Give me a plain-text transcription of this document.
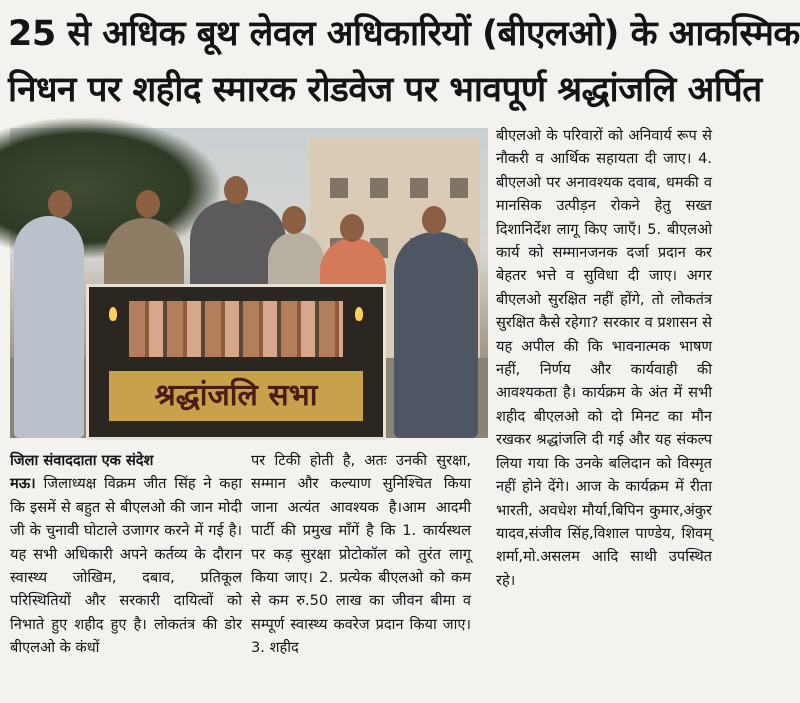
25 से अधिक बूथ लेवल अधिकारियों (बीएलओ) के आकस्मिक
निधन पर शहीद स्मारक रोडवेज पर भावपूर्ण श्रद्धांजलि अर्पित
श्रद्धांजलि सभा

जिला संवाददाता एक संदेश
मऊ। जिलाध्यक्ष विक्रम जीत सिंह ने कहा कि इसमें से बहुत से बीएलओ की जान मोदी जी के चुनावी घोटाले उजागर करने में गई है। यह सभी अधिकारी अपने कर्तव्य के दौरान स्वास्थ्य जोखिम, दबाव, प्रतिकूल परिस्थितियों और सरकारी दायित्वों को निभाते हुए शहीद हुए है। लोकतंत्र की डोर बीएलओ के कंधों

पर टिकी होती है, अतः उनकी सुरक्षा, सम्मान और कल्याण सुनिश्चित किया जाना अत्यंत आवश्यक है।आम आदमी पार्टी की प्रमुख माँगें है कि 1. कार्यस्थल पर कड़ सुरक्षा प्रोटोकॉल को तुरंत लागू किया जाए। 2. प्रत्येक बीएलओ को कम से कम रु.50 लाख का जीवन बीमा व सम्पूर्ण स्वास्थ्य कवरेज प्रदान किया जाए। 3. शहीद

बीएलओ के परिवारों को अनिवार्य रूप से नौकरी व आर्थिक सहायता दी जाए। 4. बीएलओ पर अनावश्यक दवाब, धमकी व मानसिक उत्पीड़न रोकने हेतु सख्त दिशानिर्देश लागू किए जाएँ। 5. बीएलओ कार्य को सम्मानजनक दर्जा प्रदान कर बेहतर भत्ते व सुविधा दी जाए। अगर बीएलओ सुरक्षित नहीं होंगे, तो लोकतंत्र सुरक्षित कैसे रहेगा? सरकार व प्रशासन से यह अपील की कि भावनात्मक भाषण नहीं, निर्णय और कार्यवाही की आवश्यकता है। कार्यक्रम के अंत में सभी शहीद बीएलओ को दो मिनट का मौन रखकर श्रद्धांजलि दी गई और यह संकल्प लिया गया कि उनके बलिदान को विस्मृत नहीं होने देंगे। आज के कार्यक्रम में रीता भारती, अवधेश मौर्या,बिपिन कुमार,अंकुर यादव,संजीव सिंह,विशाल पाण्डेय, शिवम् शर्मा,मो.असलम आदि साथी उपस्थित रहे।
